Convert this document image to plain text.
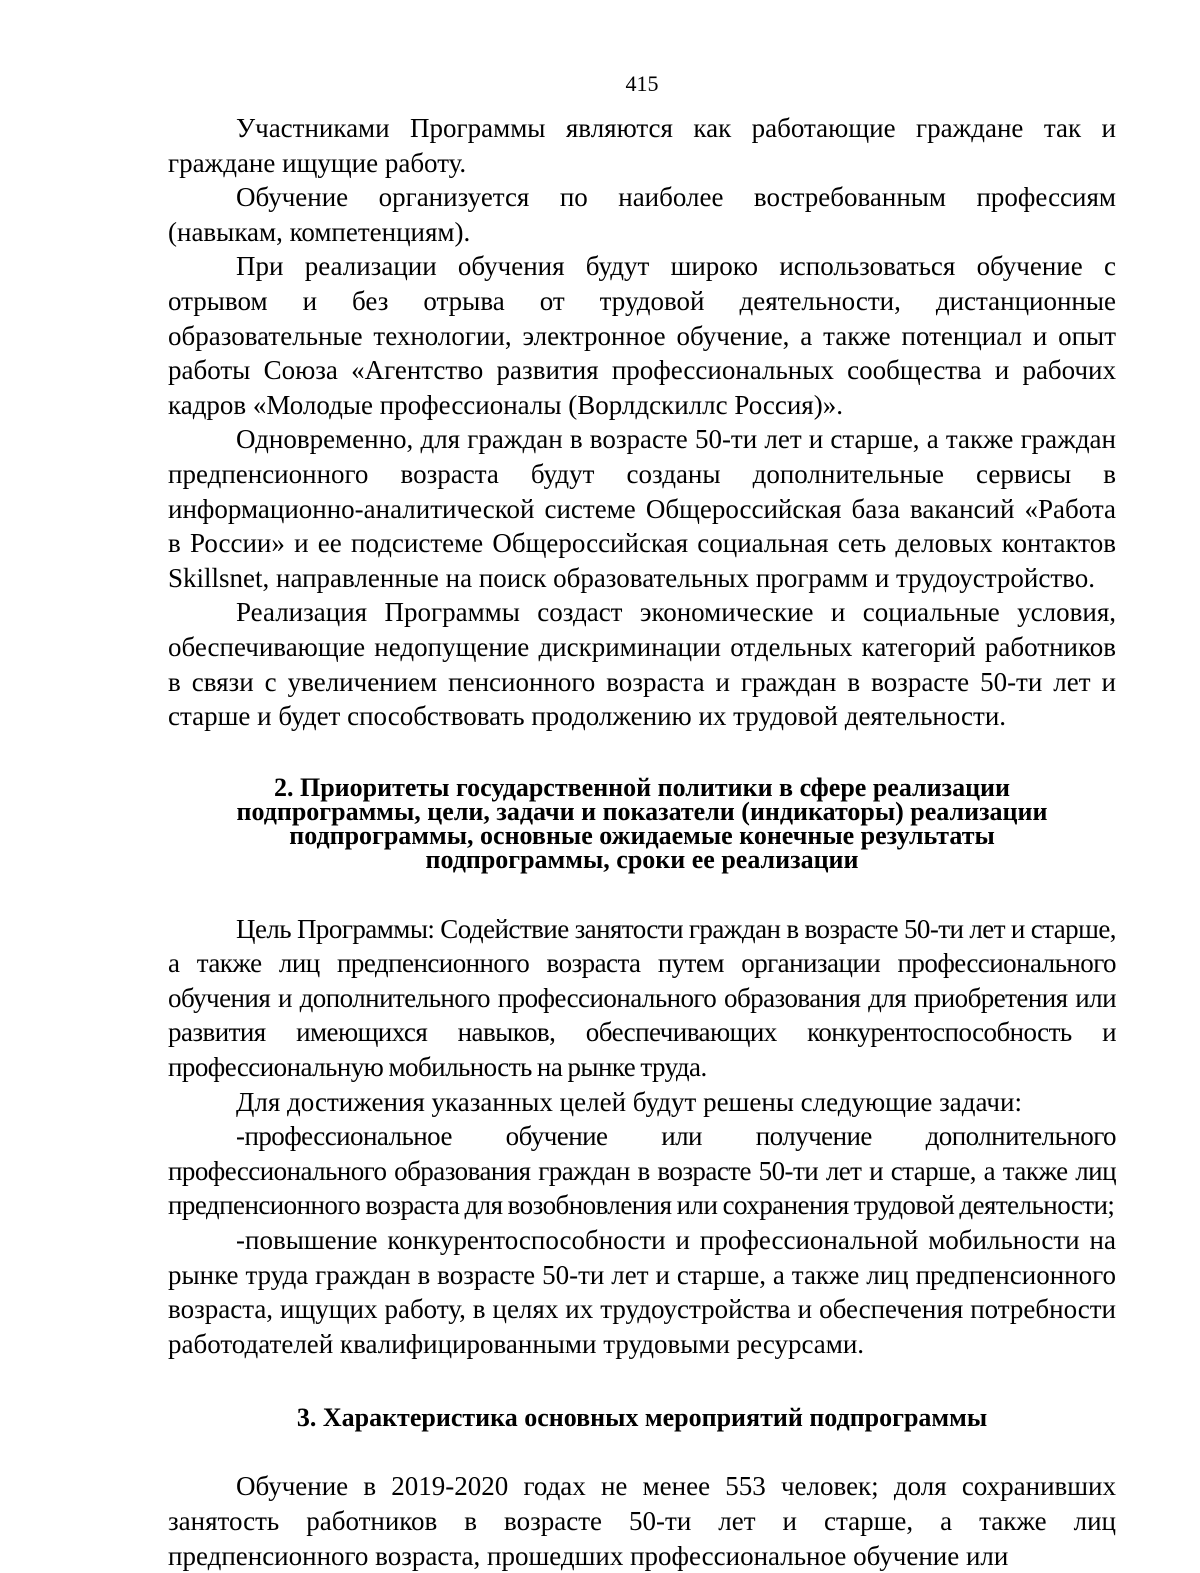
415

Участниками Программы являются как работающие граждане так и граждане ищущие работу.

Обучение организуется по наиболее востребованным профессиям (навыкам, компетенциям).

При реализации обучения будут широко использоваться обучение с отрывом и без отрыва от трудовой деятельности, дистанционные образовательные технологии, электронное обучение, а также потенциал и опыт работы Союза «Агентство развития профессиональных сообщества и рабочих кадров «Молодые профессионалы (Ворлдскиллс Россия)».

Одновременно, для граждан в возрасте 50-ти лет и старше, а также граждан предпенсионного возраста будут созданы дополнительные сервисы в информационно-аналитической системе Общероссийская база вакансий «Работа в России» и ее подсистеме Общероссийская социальная сеть деловых контактов Skillsnet, направленные на поиск образовательных программ и трудоустройство.

Реализация Программы создаст экономические и социальные условия, обеспечивающие недопущение дискриминации отдельных категорий работников в связи с увеличением пенсионного возраста и граждан в возрасте 50-ти лет и старше и будет способствовать продолжению их трудовой деятельности.

2. Приоритеты государственной политики в сфере реализации
подпрограммы, цели, задачи и показатели (индикаторы) реализации
подпрограммы, основные ожидаемые конечные результаты
подпрограммы, сроки ее реализации

Цель Программы: Содействие занятости граждан в возрасте 50-ти лет и старше, а также лиц предпенсионного возраста путем организации профессионального обучения и дополнительного профессионального образования для приобретения или развития имеющихся навыков, обеспечивающих конкурентоспособность и профессиональную мобильность на рынке труда.

Для достижения указанных целей будут решены следующие задачи:

-профессиональное обучение или получение дополнительного профессионального образования граждан в возрасте 50-ти лет и старше, а также лиц предпенсионного возраста для возобновления или сохранения трудовой деятельности;

-повышение конкурентоспособности и профессиональной мобильности на рынке труда граждан в возрасте 50-ти лет и старше, а также лиц предпенсионного возраста, ищущих работу, в целях их трудоустройства и обеспечения потребности работодателей квалифицированными трудовыми ресурсами.

3. Характеристика основных мероприятий подпрограммы

Обучение в 2019-2020 годах не менее 553 человек; доля сохранивших занятость работников в возрасте 50-ти лет и старше, а также лиц предпенсионного возраста, прошедших профессиональное обучение или
